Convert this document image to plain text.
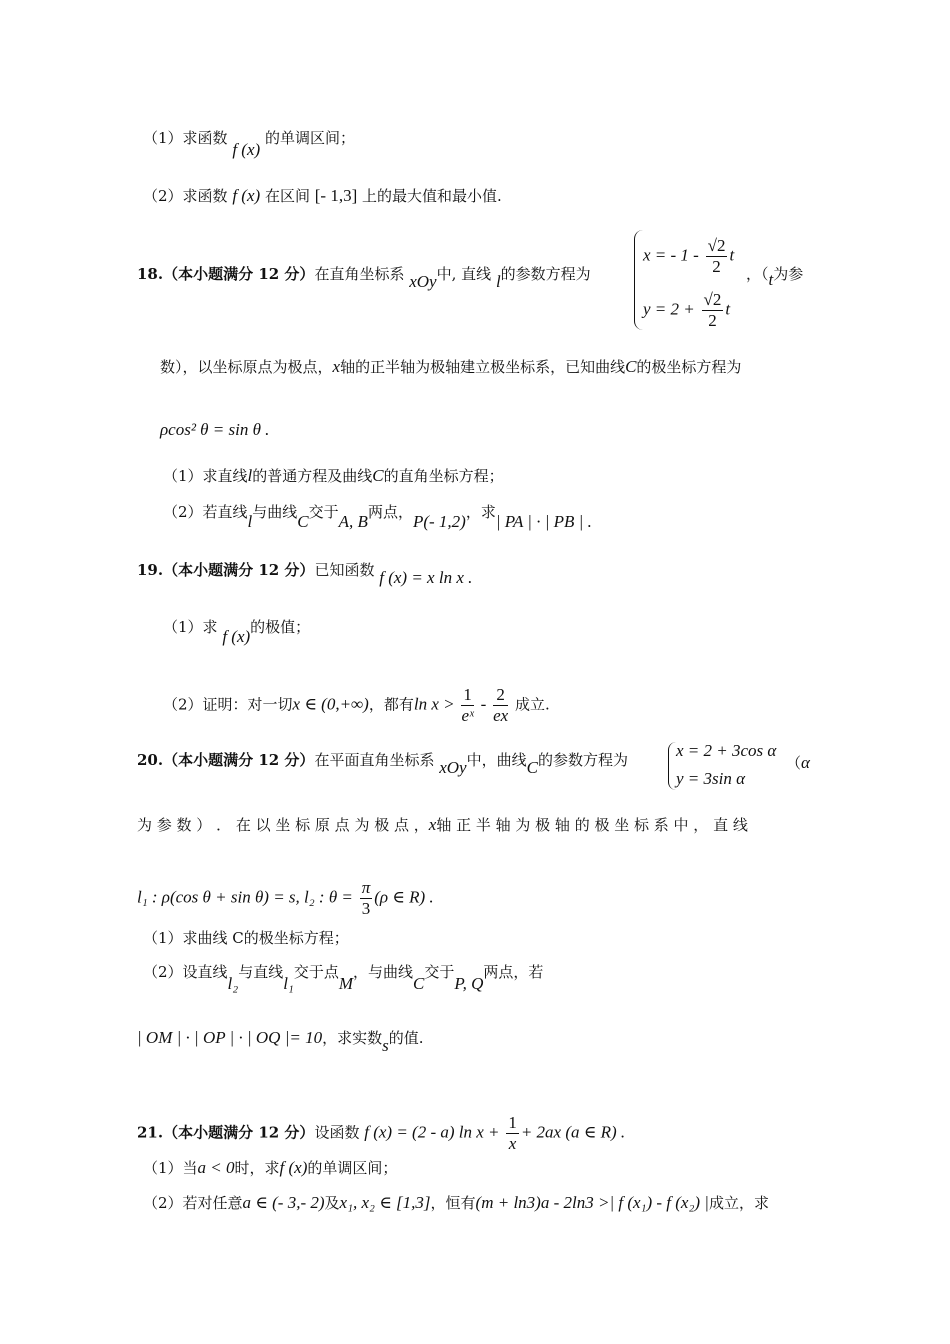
（1）求函数 f (x) 的单调区间；
（2）求函数 f (x) 在区间 [- 1,3] 上的最大值和最小值.
18.（本小题满分 12 分）在直角坐标系 xOy中, 直线 l的参数方程为
x = - $1 - \frac{√2}{2}$ t
$y = 2 + \frac{√2}{2}$ t
，（t为参
数），以坐标原点为极点，x轴的正半轴为极轴建立极坐标系，已知曲线C的极坐标方程为
ρcos² θ = sin θ .
（1）求直线l的普通方程及曲线C的直角坐标方程；
（2）若直线l与曲线C交于A, B两点，P(- 1,2)，求| PA | · | PB | .
19.（本小题满分 12 分）已知函数 f (x) = x ln x .
（1）求 f (x)的极值；
（2）证明：对一切x ∈ (0,+∞)，都有$\ln x > \frac{1}{\text{eˣ}} - \frac{2}{ex}$ 成立.
20.（本小题满分 12 分）在平面直角坐标系 xOy中，曲线C的参数方程为	x = 2 + 3cos α
y = 3sin α
（α
为 参 数 ） ． 在 以 坐 标 原 点 为 极 点 ，x轴 正 半 轴 为 极 轴 的 极 坐 标 系 中 ， 直 线
l₁ : ρ(cos θ + sin θ) = s, l₂ : $\theta = \frac{\pi}{3} (\rho$ ∈ R) .
（1）求曲线 C的极坐标方程；
（2）设直线l₂与直线l₁交于点M，与曲线C交于P, Q两点，若
| OM | · | OP | · | OQ |= 10，求实数s的值.
21.（本小题满分 12 分）设函数 f (x) = (2 - a) $\ln x + \frac{1}{x} + 2ax$ (a ∈ R) .
（1）当a < 0时，求f (x)的单调区间；
（2）若对任意a ∈ (- 3,- 2)及x₁, x₂ ∈ [1,3]，恒有(m + ln3)a - 2ln3 >| f (x₁) - f (x₂) |成立，求
